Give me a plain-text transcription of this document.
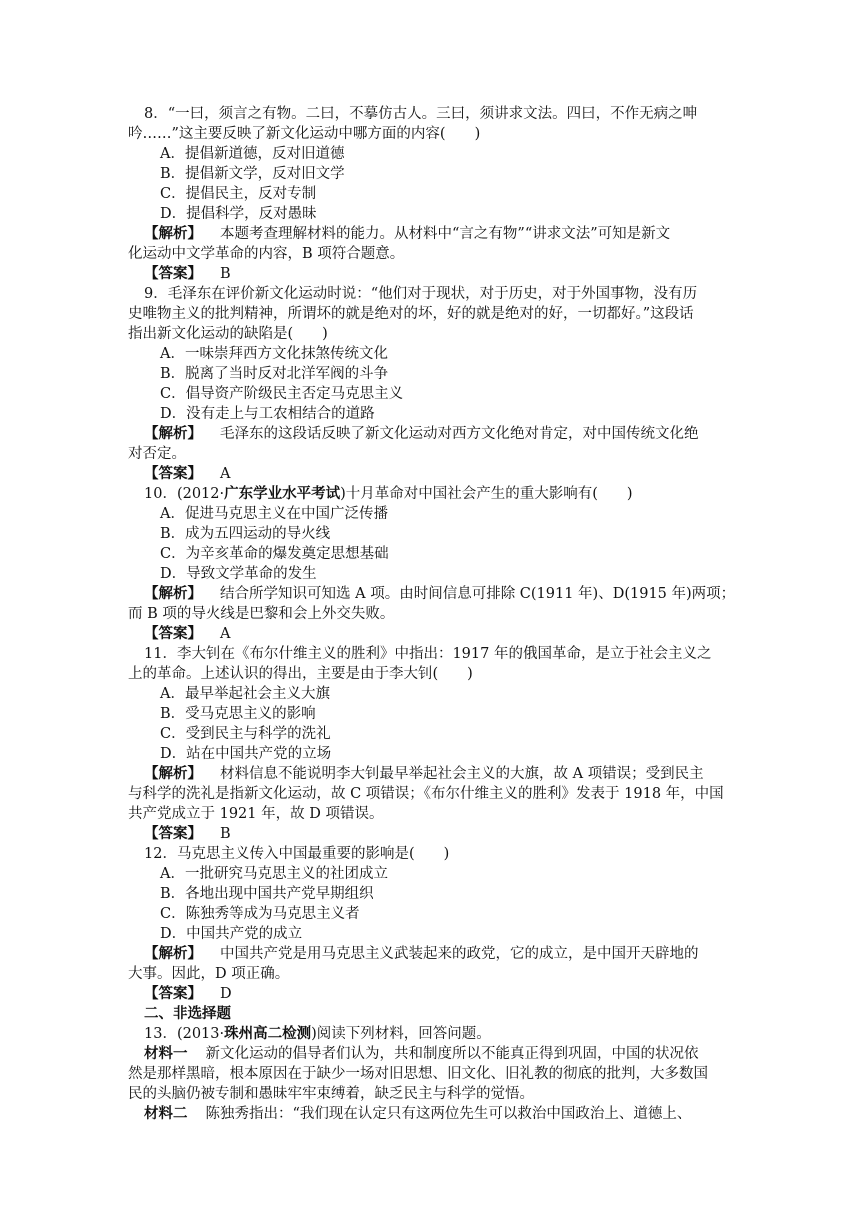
8．“一曰，须言之有物。二曰，不摹仿古人。三曰，须讲求文法。四曰，不作无病之呻
吟……”这主要反映了新文化运动中哪方面的内容(　　)
A．提倡新道德，反对旧道德
B．提倡新文学，反对旧文学
C．提倡民主，反对专制
D．提倡科学，反对愚昧
【解析】 本题考查理解材料的能力。从材料中“言之有物”“讲求文法”可知是新文
化运动中文学革命的内容，B 项符合题意。
【答案】 B
9．毛泽东在评价新文化运动时说：“他们对于现状，对于历史，对于外国事物，没有历
史唯物主义的批判精神，所谓坏的就是绝对的坏，好的就是绝对的好，一切都好。”这段话
指出新文化运动的缺陷是(　　)
A．一味崇拜西方文化抹煞传统文化
B．脱离了当时反对北洋军阀的斗争
C．倡导资产阶级民主否定马克思主义
D．没有走上与工农相结合的道路
【解析】 毛泽东的这段话反映了新文化运动对西方文化绝对肯定，对中国传统文化绝
对否定。
【答案】 A
10．(2012·广东学业水平考试)十月革命对中国社会产生的重大影响有(　　)
A．促进马克思主义在中国广泛传播
B．成为五四运动的导火线
C．为辛亥革命的爆发奠定思想基础
D．导致文学革命的发生
【解析】 结合所学知识可知选 A 项。由时间信息可排除 C(1911 年)、D(1915 年)两项；
而 B 项的导火线是巴黎和会上外交失败。
【答案】 A
11．李大钊在《布尔什维主义的胜利》中指出：1917 年的俄国革命，是立于社会主义之
上的革命。上述认识的得出，主要是由于李大钊(　　)
A．最早举起社会主义大旗
B．受马克思主义的影响
C．受到民主与科学的洗礼
D．站在中国共产党的立场
【解析】 材料信息不能说明李大钊最早举起社会主义的大旗，故 A 项错误；受到民主
与科学的洗礼是指新文化运动，故 C 项错误；《布尔什维主义的胜利》发表于 1918 年，中国
共产党成立于 1921 年，故 D 项错误。
【答案】 B
12．马克思主义传入中国最重要的影响是(　　)
A．一批研究马克思主义的社团成立
B．各地出现中国共产党早期组织
C．陈独秀等成为马克思主义者
D．中国共产党的成立
【解析】 中国共产党是用马克思主义武装起来的政党，它的成立，是中国开天辟地的
大事。因此，D 项正确。
【答案】 D
二、非选择题
13．(2013·珠州高二检测)阅读下列材料，回答问题。
材料一 新文化运动的倡导者们认为，共和制度所以不能真正得到巩固，中国的状况依
然是那样黑暗，根本原因在于缺少一场对旧思想、旧文化、旧礼教的彻底的批判，大多数国
民的头脑仍被专制和愚昧牢牢束缚着，缺乏民主与科学的觉悟。
材料二 陈独秀指出：“我们现在认定只有这两位先生可以救治中国政治上、道德上、
